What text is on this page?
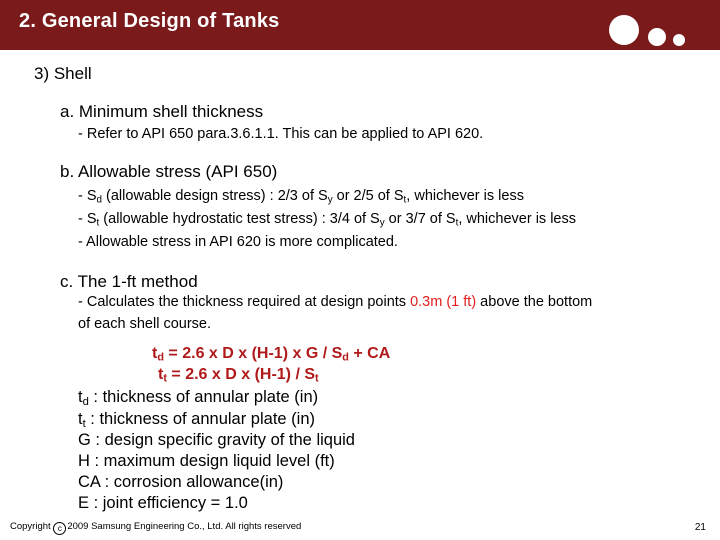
2. General Design of Tanks
3) Shell
a. Minimum shell thickness
- Refer to API 650 para.3.6.1.1. This can be applied to API 620.
b. Allowable stress (API 650)
- $S_d$ (allowable design stress) : 2/3 of $S_y$ or 2/5 of $S_t$, whichever is less
- $S_t$ (allowable hydrostatic test stress) : 3/4 of $S_y$ or 3/7 of $S_t$, whichever is less
- Allowable stress in API 620 is more complicated.
c. The 1-ft method
- Calculates the thickness required at design points 0.3m (1 ft) above the bottom
of each shell course.
$t_d = 2.6$ x D x (H-1) x G / $S_d$ + CA
$t_t = 2.6$ x D x $(H-1) / S_t$
$t_d$ : thickness of annular plate (in)
$t_t$ : thickness of annular plate (in)
G : design specific gravity of the liquid
H : maximum design liquid level (ft)
CA : corrosion allowance(in)
E : joint efficiency = 1.0
Copyright c 2009 Samsung Engineering Co., Ltd. All rights reserved	21
